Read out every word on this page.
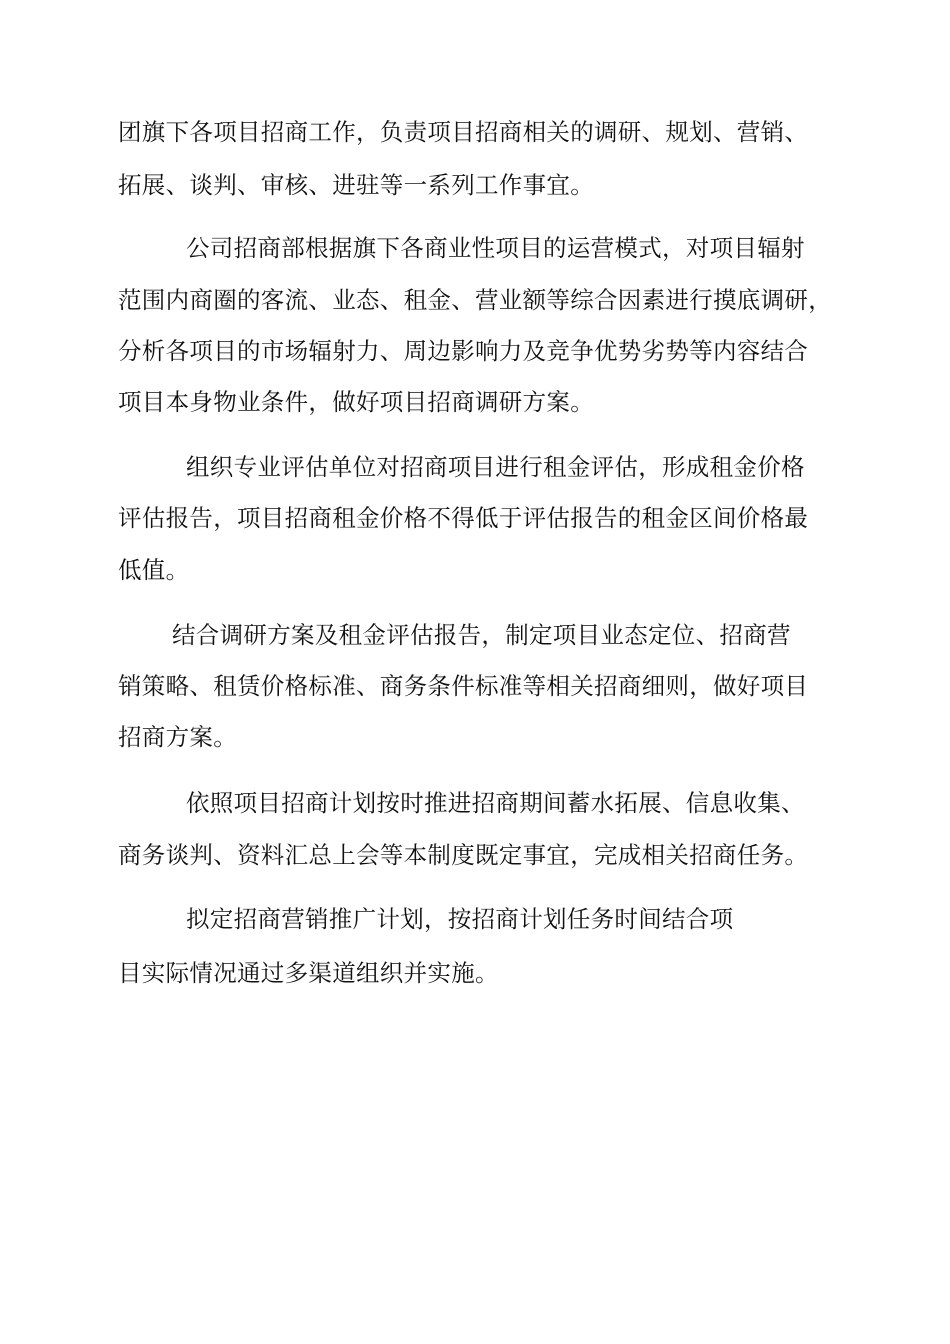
团旗下各项目招商工作，负责项目招商相关的调研、规划、营销、
拓展、谈判、审核、进驻等一系列工作事宜。
公司招商部根据旗下各商业性项目的运营模式，对项目辐射
范围内商圈的客流、业态、租金、营业额等综合因素进行摸底调研，
分析各项目的市场辐射力、周边影响力及竞争优势劣势等内容结合
项目本身物业条件，做好项目招商调研方案。
组织专业评估单位对招商项目进行租金评估，形成租金价格
评估报告，项目招商租金价格不得低于评估报告的租金区间价格最
低值。
结合调研方案及租金评估报告，制定项目业态定位、招商营
销策略、租赁价格标准、商务条件标准等相关招商细则，做好项目
招商方案。
依照项目招商计划按时推进招商期间蓄水拓展、信息收集、
商务谈判、资料汇总上会等本制度既定事宜，完成相关招商任务。
拟定招商营销推广计划，按招商计划任务时间结合项
目实际情况通过多渠道组织并实施。
